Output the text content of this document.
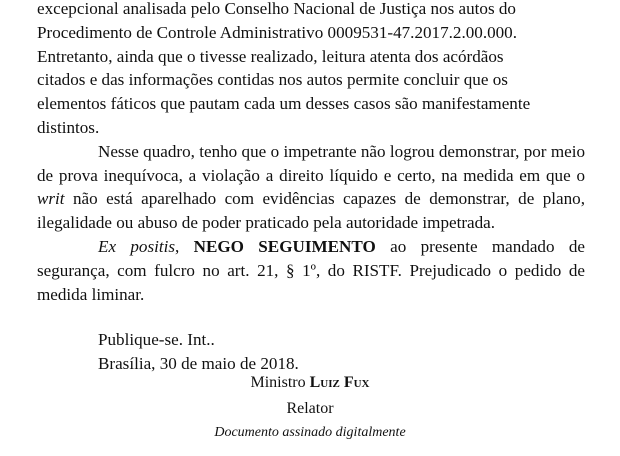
excepcional analisada pelo Conselho Nacional de Justiça nos autos do
Procedimento de Controle Administrativo 0009531-47.2017.2.00.000.
Entretanto, ainda que o tivesse realizado, leitura atenta dos acórdãos
citados e das informações contidas nos autos permite concluir que os
elementos fáticos que pautam cada um desses casos são manifestamente
distintos.

Nesse quadro, tenho que o impetrante não logrou demonstrar, por meio de prova inequívoca, a violação a direito líquido e certo, na medida em que o writ não está aparelhado com evidências capazes de demonstrar, de plano, ilegalidade ou abuso de poder praticado pela autoridade impetrada.

Ex positis, NEGO SEGUIMENTO ao presente mandado de segurança, com fulcro no art. 21, § 1º, do RISTF. Prejudicado o pedido de medida liminar.

Publique-se. Int..
Brasília, 30 de maio de 2018.
Ministro Luiz Fux
Relator
Documento assinado digitalmente
